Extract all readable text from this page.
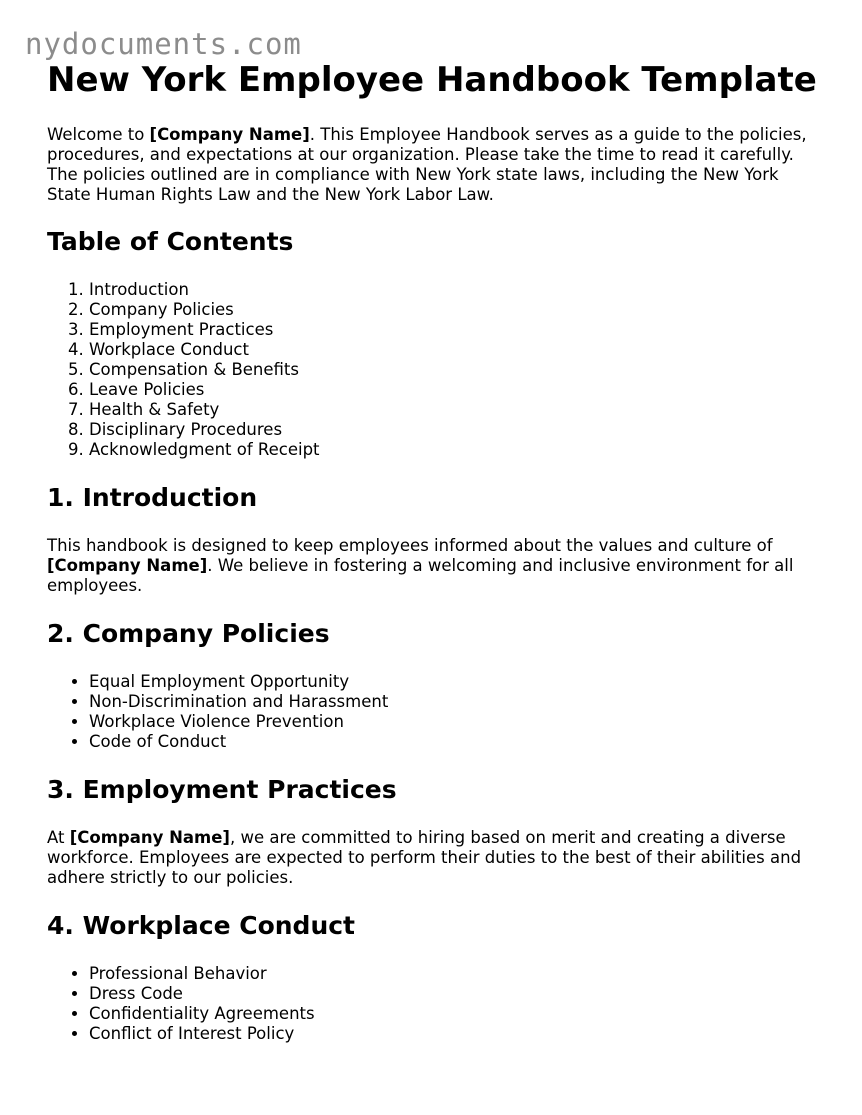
nydocuments.com
New York Employee Handbook Template

Welcome to [Company Name]. This Employee Handbook serves as a guide to the policies, procedures, and expectations at our organization. Please take the time to read it carefully. The policies outlined are in compliance with New York state laws, including the New York State Human Rights Law and the New York Labor Law.

Table of Contents
1. Introduction
2. Company Policies
3. Employment Practices
4. Workplace Conduct
5. Compensation & Benefits
6. Leave Policies
7. Health & Safety
8. Disciplinary Procedures
9. Acknowledgment of Receipt
1. Introduction

This handbook is designed to keep employees informed about the values and culture of [Company Name]. We believe in fostering a welcoming and inclusive environment for all employees.

2. Company Policies
• Equal Employment Opportunity
• Non-Discrimination and Harassment
• Workplace Violence Prevention
• Code of Conduct
3. Employment Practices

At [Company Name], we are committed to hiring based on merit and creating a diverse workforce. Employees are expected to perform their duties to the best of their abilities and adhere strictly to our policies.

4. Workplace Conduct
• Professional Behavior
• Dress Code
• Confidentiality Agreements
• Conflict of Interest Policy
